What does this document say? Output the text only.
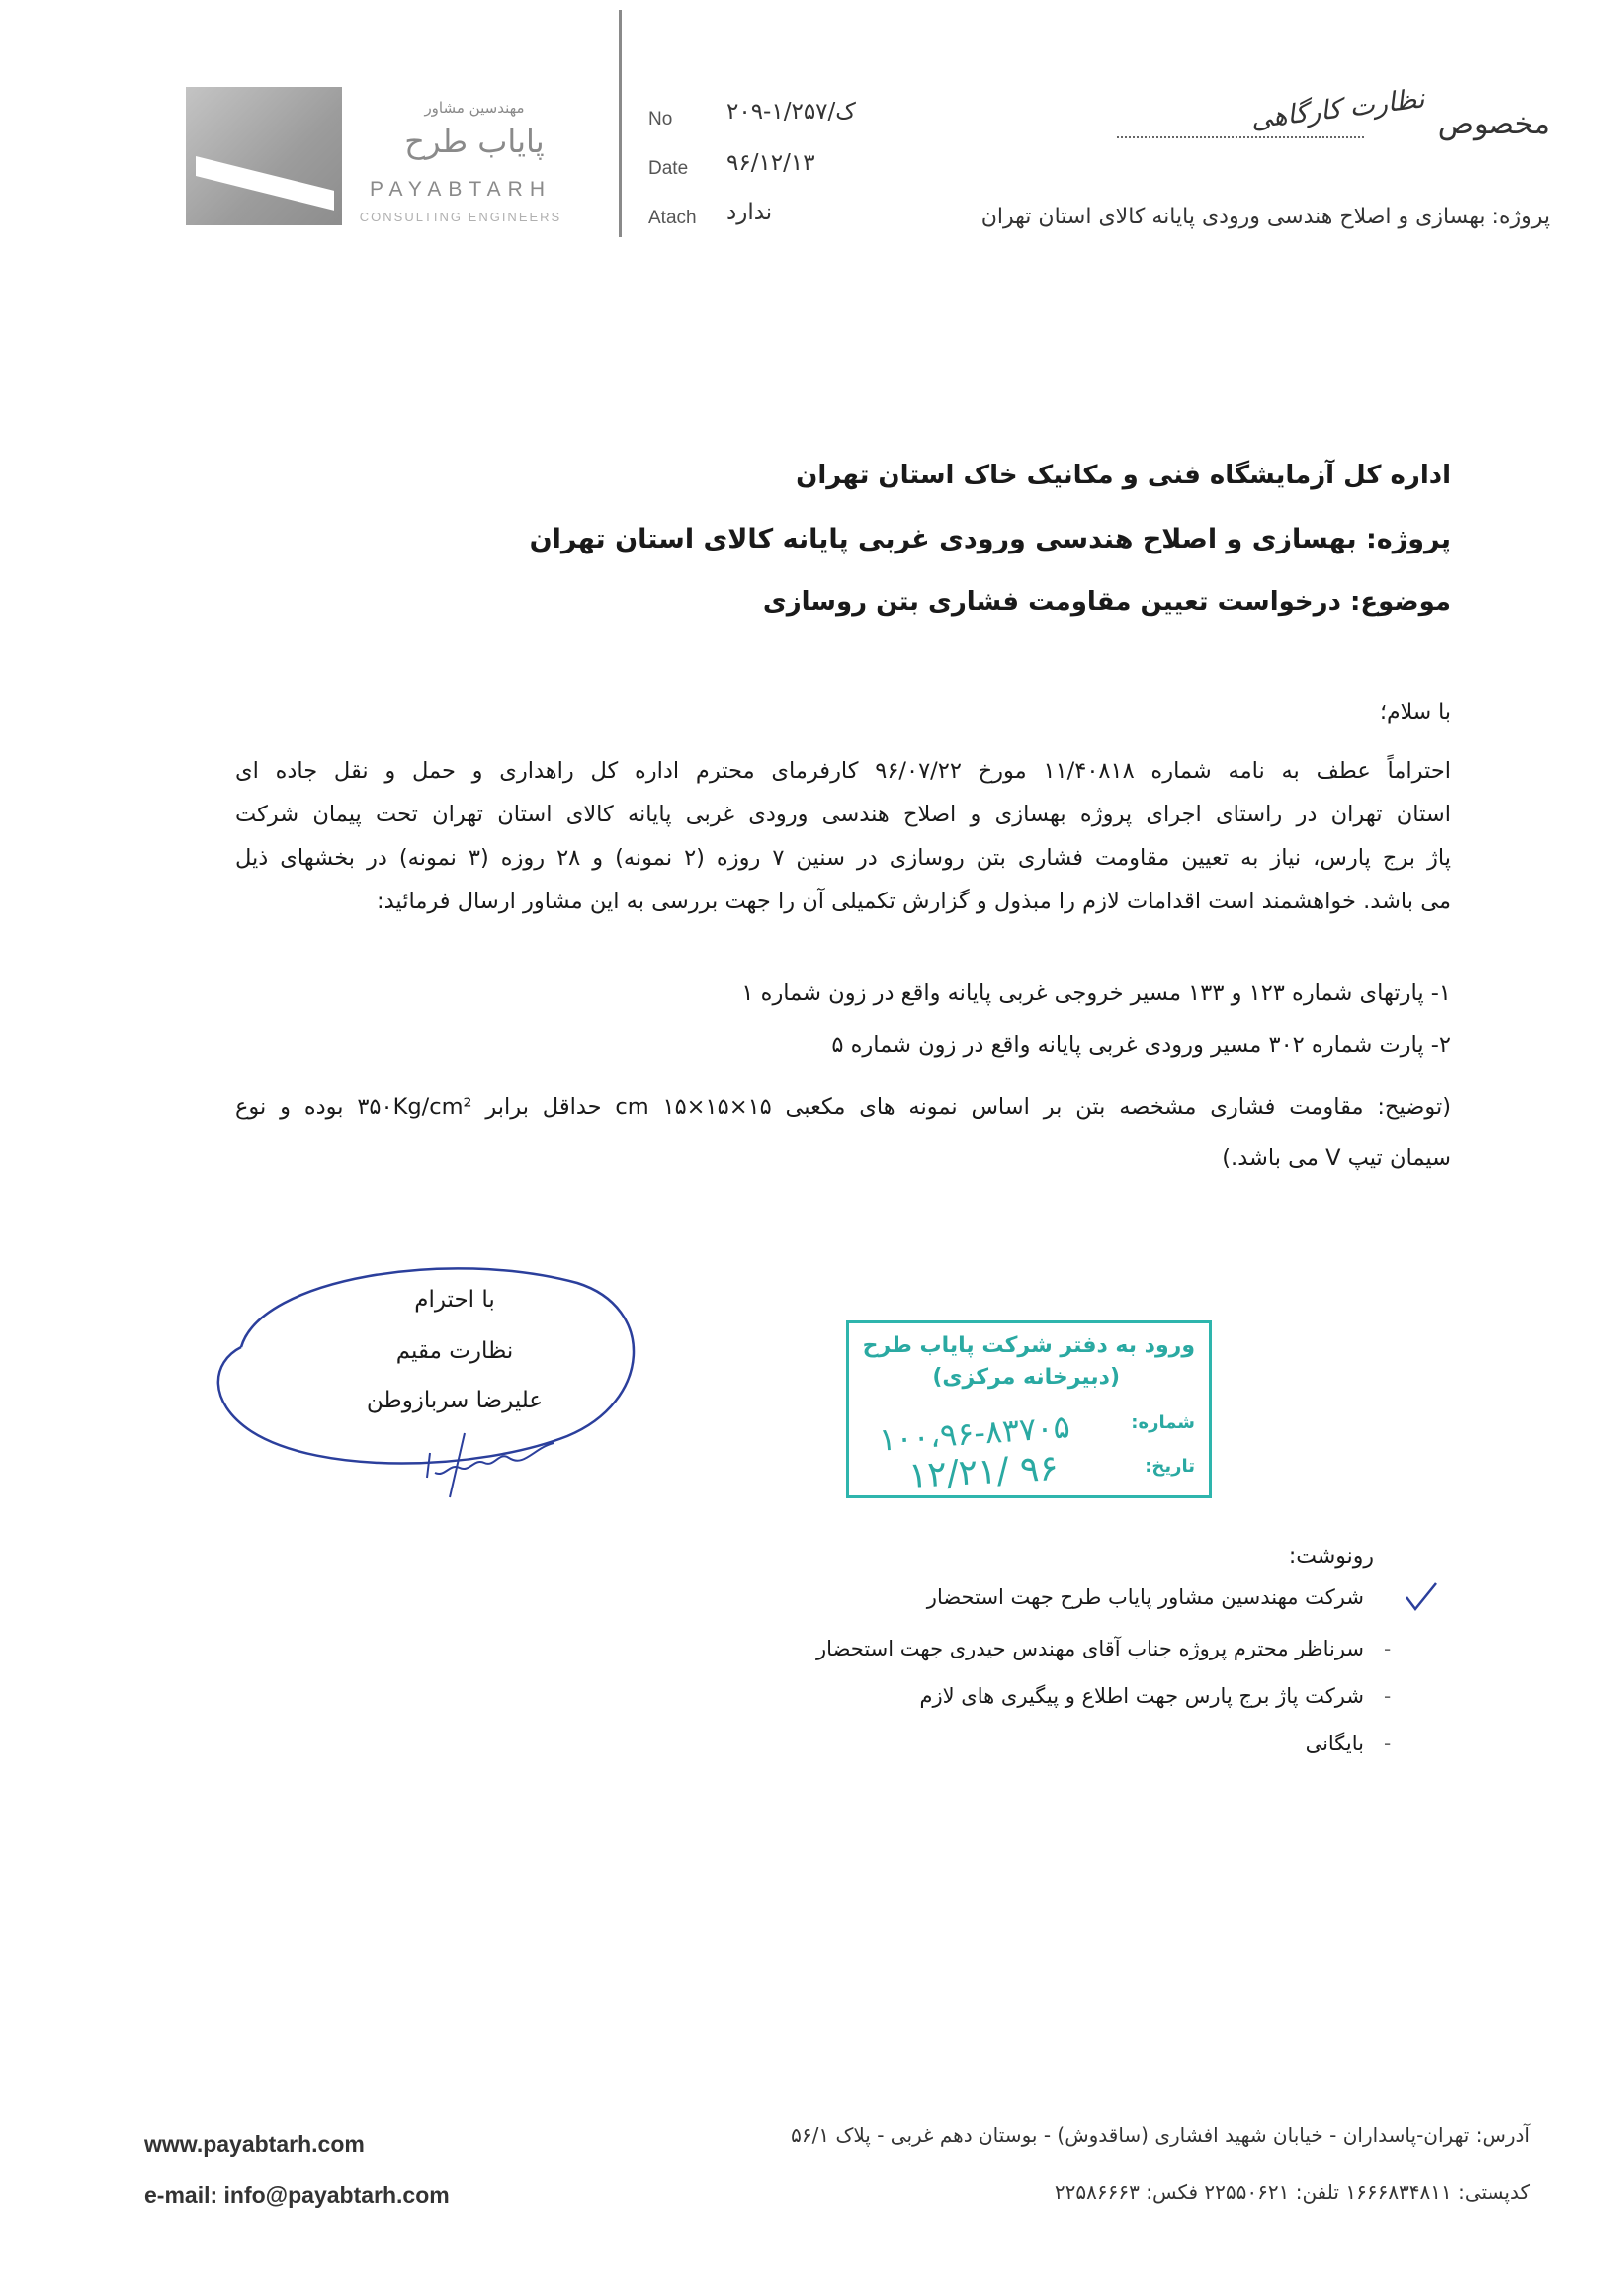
مهندسین مشاور
پایاب طرح
PAYABTARH
CONSULTING ENGINEERS
No ۲۰۹-۱/ک/۲۵۷
Date ۹۶/۱۲/۱۳
Atach ندارد
مخصوص
نظارت کارگاهی
پروژه: بهسازی و اصلاح هندسی ورودی پایانه کالای استان تهران
اداره کل آزمایشگاه فنی و مکانیک خاک استان تهران
پروژه: بهسازی و اصلاح هندسی ورودی غربی پایانه کالای استان تهران
موضوع: درخواست تعیین مقاومت فشاری بتن روسازی
با سلام؛
احتراماً عطف به نامه شماره ۱۱/۴۰۸۱۸ مورخ ۹۶/۰۷/۲۲ کارفرمای محترم اداره کل راهداری و حمل و نقل جاده ای
استان تهران در راستای اجرای پروژه بهسازی و اصلاح هندسی ورودی غربی پایانه کالای استان تهران تحت پیمان شرکت
پاژ برج پارس، نیاز به تعیین مقاومت فشاری بتن روسازی در سنین ۷ روزه (۲ نمونه) و ۲۸ روزه (۳ نمونه) در بخشهای ذیل
می باشد. خواهشمند است اقدامات لازم را مبذول و گزارش تکمیلی آن را جهت بررسی به این مشاور ارسال فرمائید:
۱- پارتهای شماره ۱۲۳ و ۱۳۳ مسیر خروجی غربی پایانه واقع در زون شماره ۱
۲- پارت شماره ۳۰۲ مسیر ورودی غربی پایانه واقع در زون شماره ۵
(توضیح: مقاومت فشاری مشخصه بتن بر اساس نمونه های مکعبی ۱۵×۱۵×۱۵ cm حداقل برابر ۳۵۰Kg/cm² بوده و نوع
سیمان تیپ V می باشد.)
با احترام
نظارت مقیم
علیرضا سربازوطن
ورود به دفتر شرکت پایاب طرح
(دبیرخانه مرکزی)
شماره:
۱۰۰،۹۶-۸۳۷۰۵
تاریخ:
۹۶ /۱۲/۲۱
رونوشت:
شرکت مهندسین مشاور پایاب طرح جهت استحضار
سرناظر محترم پروژه جناب آقای مهندس حیدری جهت استحضار
شرکت پاژ برج پارس جهت اطلاع و پیگیری های لازم
بایگانی
-
-
-
www.payabtarh.com
e-mail: info@payabtarh.com
آدرس: تهران-پاسداران - خیابان شهید افشاری (ساقدوش) - بوستان دهم غربی - پلاک ۵۶/۱
کدپستی: ۱۶۶۶۸۳۴۸۱۱ تلفن: ۲۲۵۵۰۶۲۱ فکس: ۲۲۵۸۶۶۶۳
